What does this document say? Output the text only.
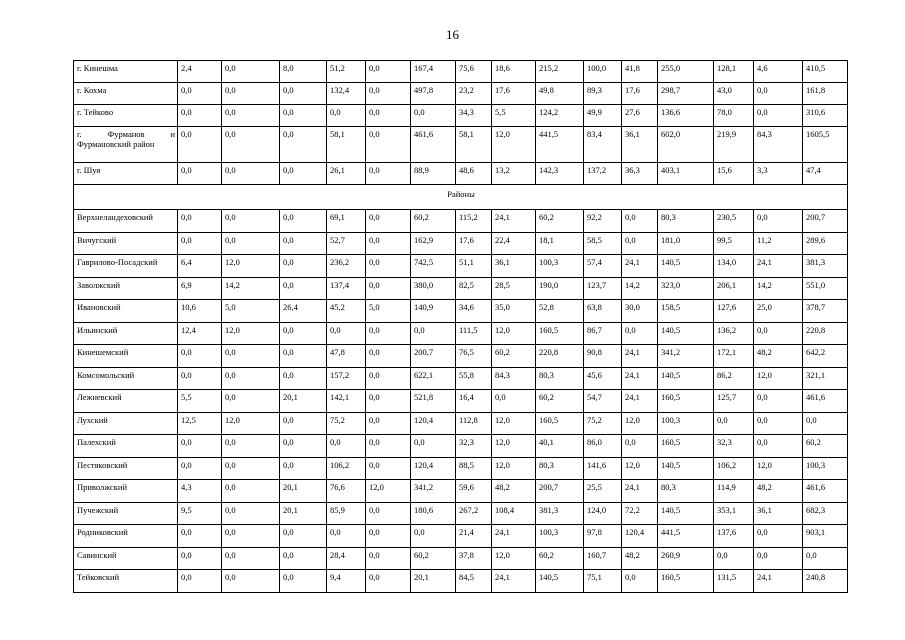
16
г. Кинешма	2,4	0,0	8,0	51,2	0,0	167,4	75,6	18,6	215,2	100,0	41,8	255,0	128,1	4,6	410,5
г. Кохма	0,0	0,0	0,0	132,4	0,0	497,8	23,2	17,6	49,8	89,3	17,6	298,7	43,0	0,0	161,8
г. Тейково	0,0	0,0	0,0	0,0	0,0	0,0	34,3	5,5	124,2	49,9	27,6	136,6	78,0	0,0	310,6
г. Фурманов и Фурмановский район	0,0	0,0	0,0	58,1	0,0	461,6	58,1	12,0	441,5	83,4	36,1	602,0	219,9	84,3	1605,5
г. Шуя	0,0	0,0	0,0	26,1	0,0	88,9	48,6	13,2	142,3	137,2	36,3	403,1	15,6	3,3	47,4
Районы															
Верхнеландеховский	0,0	0,0	0,0	69,1	0,0	60,2	115,2	24,1	60,2	92,2	0,0	80,3	230,5	0,0	200,7
Вичугский	0,0	0,0	0,0	52,7	0,0	162,9	17,6	22,4	18,1	58,5	0,0	181,0	99,5	11,2	289,6
Гаврилово-Посадский	6,4	12,0	0,0	236,2	0,0	742,5	51,1	36,1	100,3	57,4	24,1	140,5	134,0	24,1	381,3
Заволжский	6,9	14,2	0,0	137,4	0,0	380,0	82,5	28,5	190,0	123,7	14,2	323,0	206,1	14,2	551,0
Ивановский	10,6	5,0	26,4	45,2	5,0	140,9	34,6	35,0	52,8	63,8	30,0	158,5	127,6	25,0	378,7
Ильинский	12,4	12,0	0,0	0,0	0,0	0,0	111,5	12,0	160,5	86,7	0,0	140,5	136,2	0,0	220,8
Кинешемский	0,0	0,0	0,0	47,8	0,0	200,7	76,5	60,2	220,8	90,8	24,1	341,2	172,1	48,2	642,2
Комсомольский	0,0	0,0	0,0	157,2	0,0	622,1	55,8	84,3	80,3	45,6	24,1	140,5	86,2	12,0	321,1
Лежневский	5,5	0,0	20,1	142,1	0,0	521,8	16,4	0,0	60,2	54,7	24,1	160,5	125,7	0,0	461,6
Лухский	12,5	12,0	0,0	75,2	0,0	120,4	112,8	12,0	160,5	75,2	12,0	100,3	0,0	0,0	0,0
Палехский	0,0	0,0	0,0	0,0	0,0	0,0	32,3	12,0	40,1	86,0	0,0	160,5	32,3	0,0	60,2
Пестяковский	0,0	0,0	0,0	106,2	0,0	120,4	88,5	12,0	80,3	141,6	12,0	140,5	106,2	12,0	100,3
Приволжский	4,3	0,0	20,1	76,6	12,0	341,2	59,6	48,2	200,7	25,5	24,1	80,3	114,9	48,2	461,6
Пучежский	9,5	0,0	20,1	85,9	0,0	180,6	267,2	108,4	381,3	124,0	72,2	140,5	353,1	36,1	682,3
Родниковский	0,0	0,0	0,0	0,0	0,0	0,0	21,4	24,1	100,3	97,8	120,4	441,5	137,6	0,0	903,1
Савинский	0,0	0,0	0,0	28,4	0,0	60,2	37,8	12,0	60,2	160,7	48,2	260,9	0,0	0,0	0,0
Тейковский	0,0	0,0	0,0	9,4	0,0	20,1	84,5	24,1	140,5	75,1	0,0	160,5	131,5	24,1	240,8
